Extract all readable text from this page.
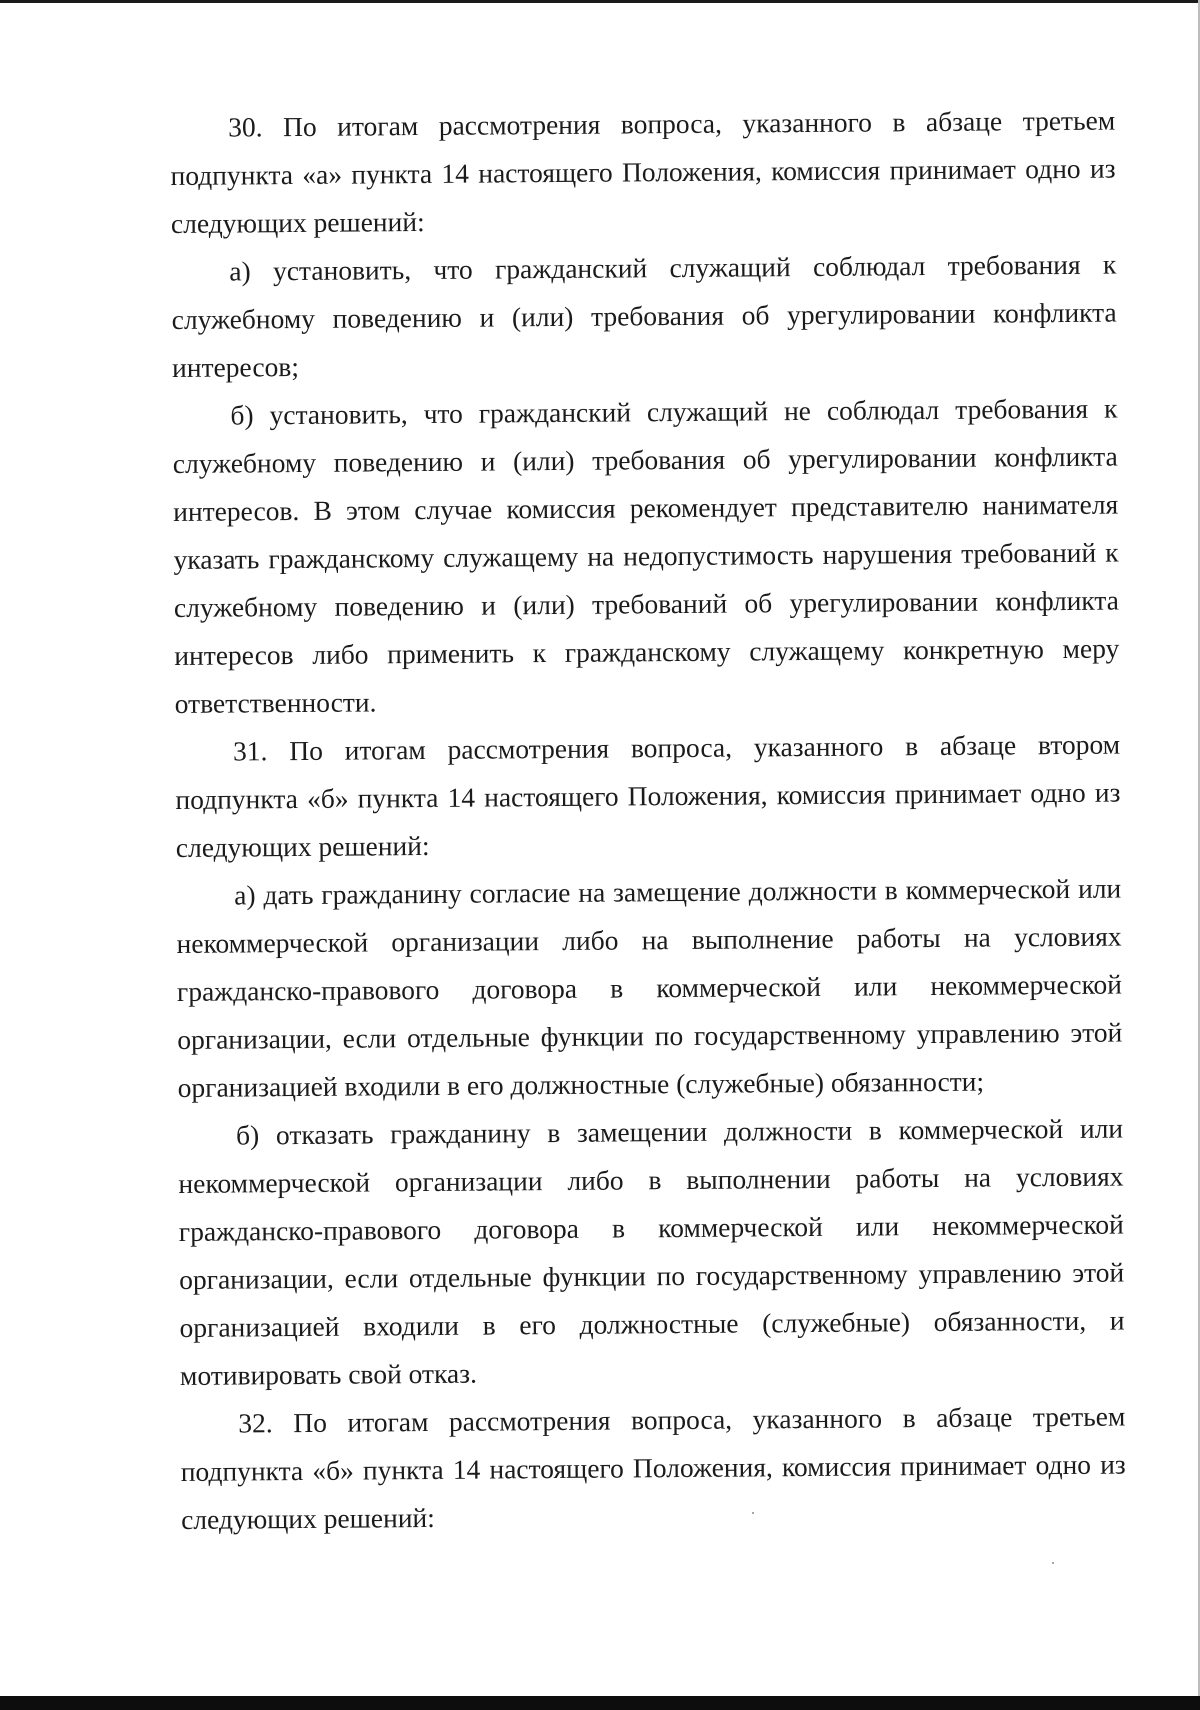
30. По итогам рассмотрения вопроса, указанного в абзаце третьем подпункта «а» пункта 14 настоящего Положения, комиссия принимает одно из следующих решений:

а) установить, что гражданский служащий соблюдал требования к служебному поведению и (или) требования об урегулировании конфликта интересов;

б) установить, что гражданский служащий не соблюдал требования к служебному поведению и (или) требования об урегулировании конфликта интересов. В этом случае комиссия рекомендует представителю нанимателя указать гражданскому служащему на недопустимость нарушения требований к служебному поведению и (или) требований об урегулировании конфликта интересов либо применить к гражданскому служащему конкретную меру ответственности.

31. По итогам рассмотрения вопроса, указанного в абзаце втором подпункта «б» пункта 14 настоящего Положения, комиссия принимает одно из следующих решений:

а) дать гражданину согласие на замещение должности в коммерческой или некоммерческой организации либо на выполнение работы на условиях гражданско-правового договора в коммерческой или некоммерческой организации, если отдельные функции по государственному управлению этой организацией входили в его должностные (служебные) обязанности;

б) отказать гражданину в замещении должности в коммерческой или некоммерческой организации либо в выполнении работы на условиях гражданско-правового договора в коммерческой или некоммерческой организации, если отдельные функции по государственному управлению этой организацией входили в его должностные (служебные) обязанности, и мотивировать свой отказ.

32. По итогам рассмотрения вопроса, указанного в абзаце третьем подпункта «б» пункта 14 настоящего Положения, комиссия принимает одно из следующих решений:
